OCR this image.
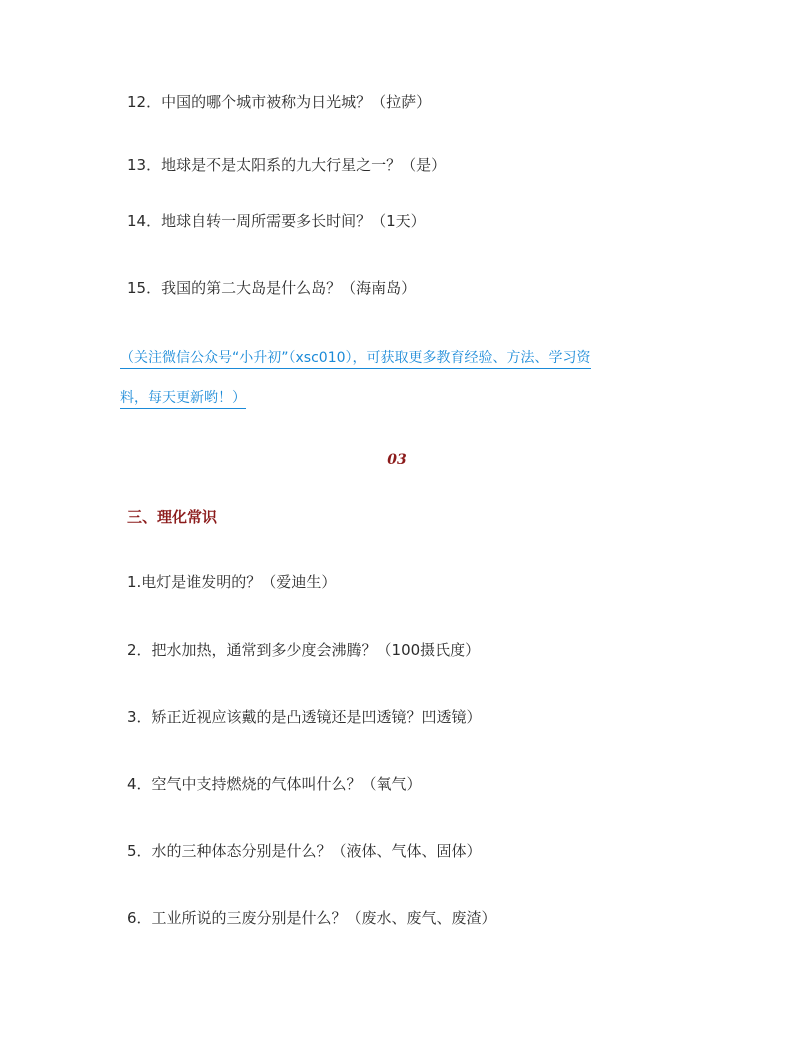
12．中国的哪个城市被称为日光城？（拉萨）
13．地球是不是太阳系的九大行星之一？（是）
14．地球自转一周所需要多长时间？（1天）
15．我国的第二大岛是什么岛？（海南岛）
（关注微信公众号“小升初”（xsc010），可获取更多教育经验、方法、学习资
料，每天更新哟！）
03
三、理化常识
1.电灯是谁发明的？（爱迪生）
2．把水加热，通常到多少度会沸腾？（100摄氏度）
3．矫正近视应该戴的是凸透镜还是凹透镜？凹透镜）
4．空气中支持燃烧的气体叫什么？（氧气）
5．水的三种体态分别是什么？（液体、气体、固体）
6．工业所说的三废分别是什么？（废水、废气、废渣）
